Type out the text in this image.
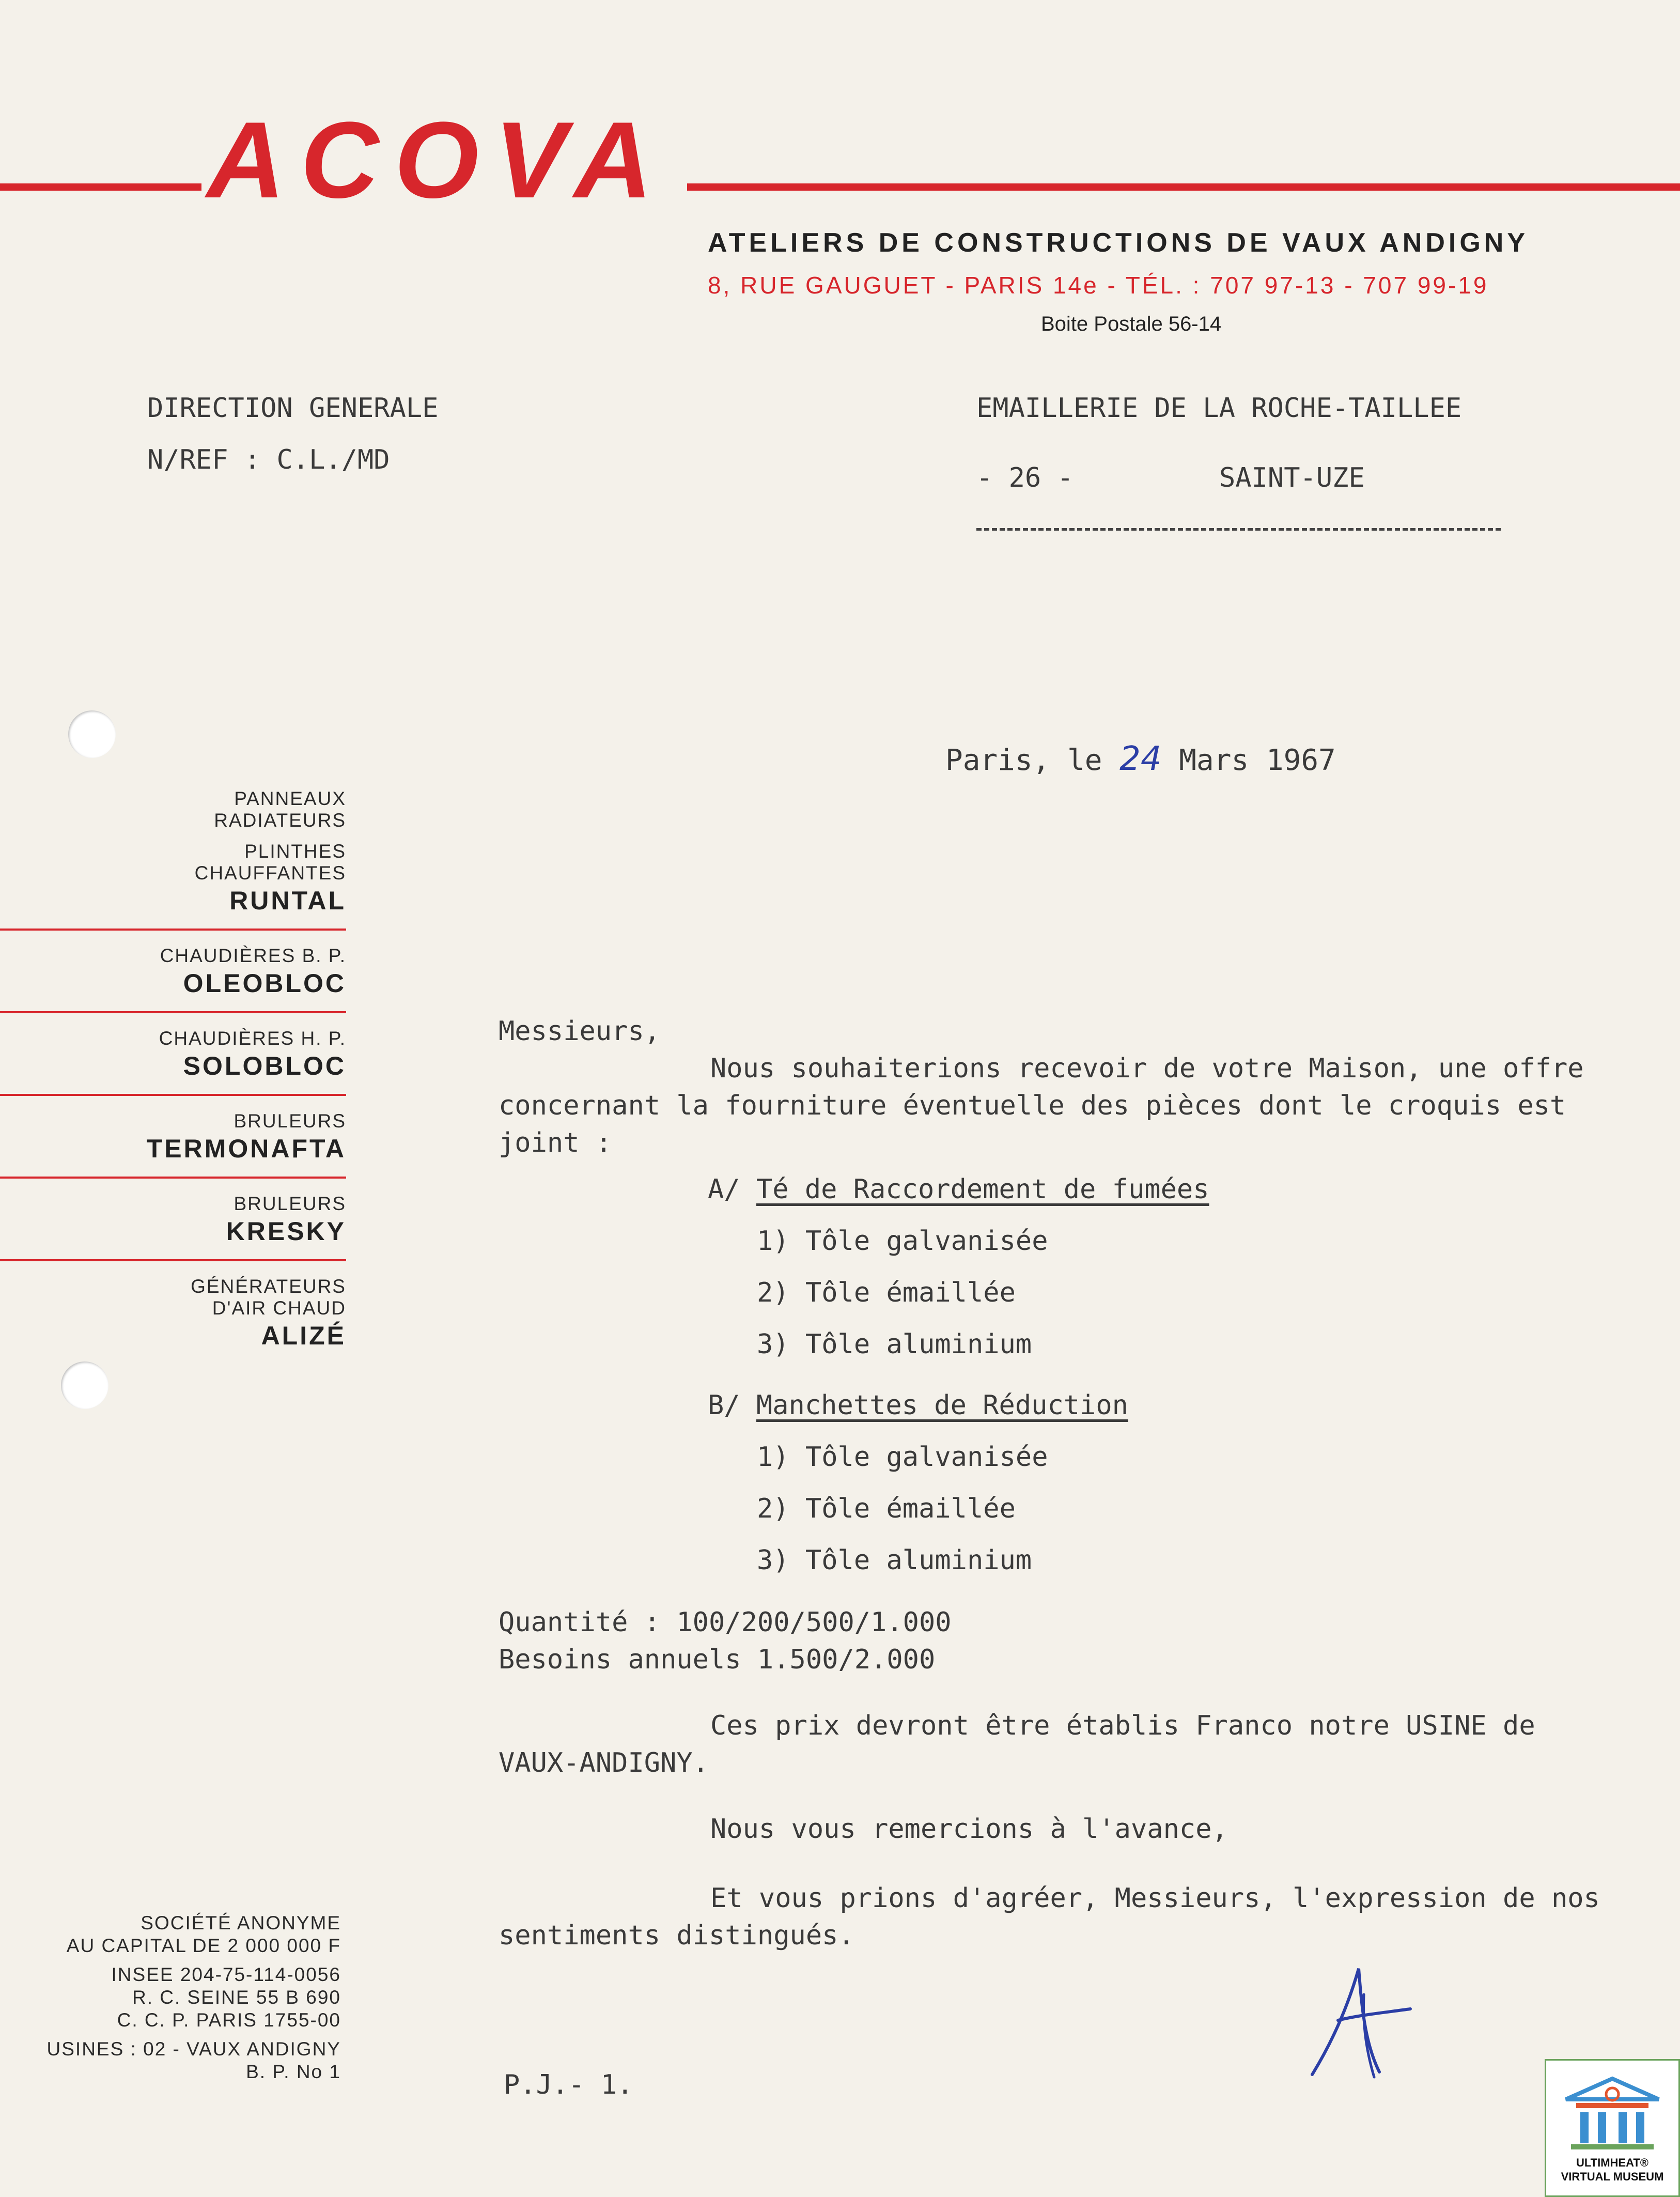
ACOVA
ATELIERS DE CONSTRUCTIONS DE VAUX ANDIGNY
8, RUE GAUGUET - PARIS 14e - TÉL. : 707 97-13 - 707 99-19
Boite Postale 56-14
DIRECTION GENERALE
N/REF : C.L./MD
EMAILLERIE DE LA ROCHE-TAILLEE
- 26 -	SAINT-UZE
Paris, le 24 Mars 1967
PANNEAUX
RADIATEURS
PLINTHES
CHAUFFANTES
RUNTAL
CHAUDIÈRES B. P.
OLEOBLOC
CHAUDIÈRES H. P.
SOLOBLOC
BRULEURS
TERMONAFTA
BRULEURS
KRESKY
GÉNÉRATEURS
D'AIR CHAUD
ALIZÉ

Messieurs,

Nous souhaiterions recevoir de votre Maison, une offre

concernant la fourniture éventuelle des pièces dont le croquis est

joint :

A/ Té de Raccordement de fumées

1) Tôle galvanisée

2) Tôle émaillée

3) Tôle aluminium

B/ Manchettes de Réduction

1) Tôle galvanisée

2) Tôle émaillée

3) Tôle aluminium

Quantité : 100/200/500/1.000

Besoins annuels 1.500/2.000

Ces prix devront être établis Franco notre USINE de

VAUX-ANDIGNY.

Nous vous remercions à l'avance,

Et vous prions d'agréer, Messieurs, l'expression de nos

sentiments distingués.

P.J.- 1.
SOCIÉTÉ ANONYME
AU CAPITAL DE 2 000 000 F
INSEE 204-75-114-0056
R. C. SEINE 55 B 690
C. C. P. PARIS 1755-00
USINES : 02 - VAUX ANDIGNY
B. P. No 1
ULTIMHEAT®
VIRTUAL MUSEUM
